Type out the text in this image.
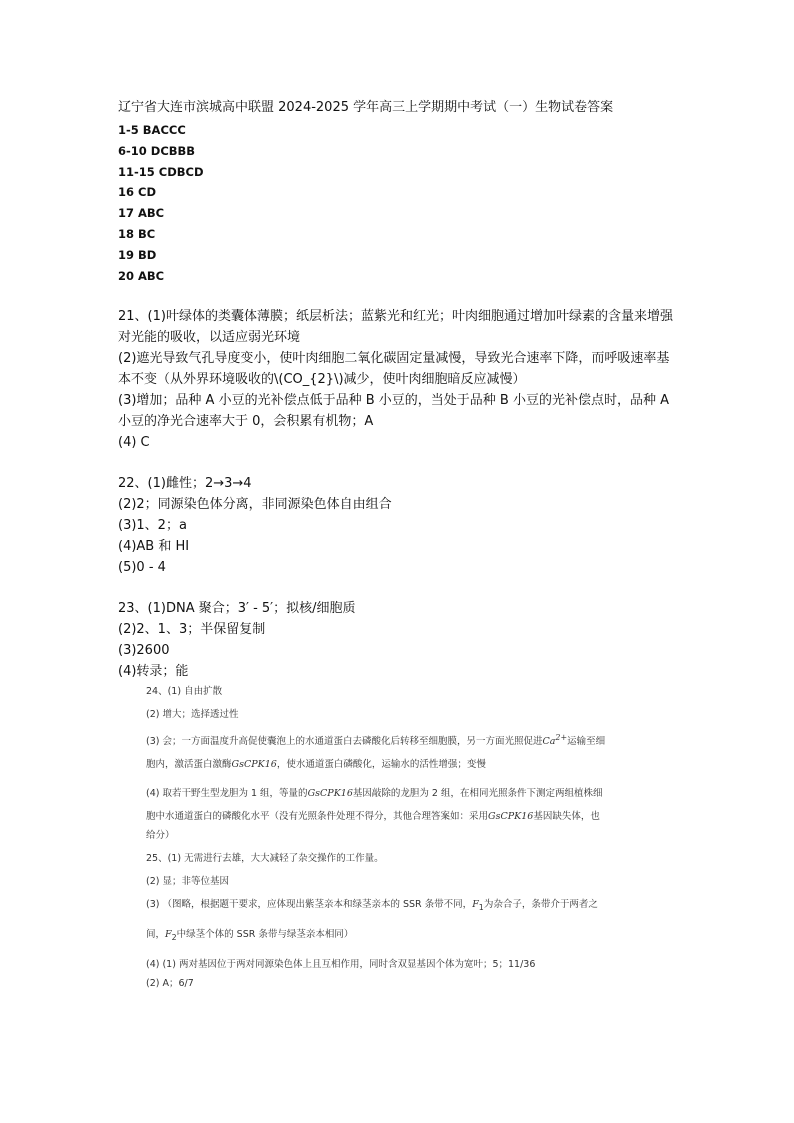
辽宁省大连市滨城高中联盟 2024-2025 学年高三上学期期中考试（一）生物试卷答案
1-5 BACCC
6-10 DCBBB
11-15 CDBCD
16 CD
17 ABC
18 BC
19 BD
20 ABC
21、(1)叶绿体的类囊体薄膜；纸层析法；蓝紫光和红光；叶肉细胞通过增加叶绿素的含量来增强对光能的吸收，以适应弱光环境
(2)遮光导致气孔导度变小，使叶肉细胞二氧化碳固定量减慢，导致光合速率下降，而呼吸速率基本不变（从外界环境吸收的\(CO_{2}\)减少，使叶肉细胞暗反应减慢）
(3)增加；品种 A 小豆的光补偿点低于品种 B 小豆的，当处于品种 B 小豆的光补偿点时，品种 A 小豆的净光合速率大于 0，会积累有机物；A
(4) C
22、(1)雌性；2→3→4
(2)2；同源染色体分离，非同源染色体自由组合
(3)1、2；a
(4)AB 和 HI
(5)0 - 4
23、(1)DNA 聚合；3′ - 5′；拟核/细胞质
(2)2、1、3；半保留复制
(3)2600
(4)转录；能
24、(1) 自由扩散
(2) 增大；选择透过性
(3) 会；一方面温度升高促使囊泡上的水通道蛋白去磷酸化后转移至细胞膜，另一方面光照促进$Ca^{2+}$运输至细
胞内，激活蛋白激酶GsCPK16，使水通道蛋白磷酸化，运输水的活性增强；变慢
(4) 取若干野生型龙胆为 1 组，等量的GsCPK16基因敲除的龙胆为 2 组，在相同光照条件下测定两组植株细
胞中水通道蛋白的磷酸化水平（没有光照条件处理不得分，其他合理答案如：采用GsCPK16基因缺失体，也
给分）
25、(1) 无需进行去雄，大大减轻了杂交操作的工作量。
(2) 显；非等位基因
(3) （图略，根据题干要求，应体现出紫茎亲本和绿茎亲本的 SSR 条带不同，$F_1$为杂合子，条带介于两者之
间，$F_2$中绿茎个体的 SSR 条带与绿茎亲本相同）
(4) (1) 两对基因位于两对同源染色体上且互相作用，同时含双显基因个体为宽叶；5；11/36
(2) A；6/7
